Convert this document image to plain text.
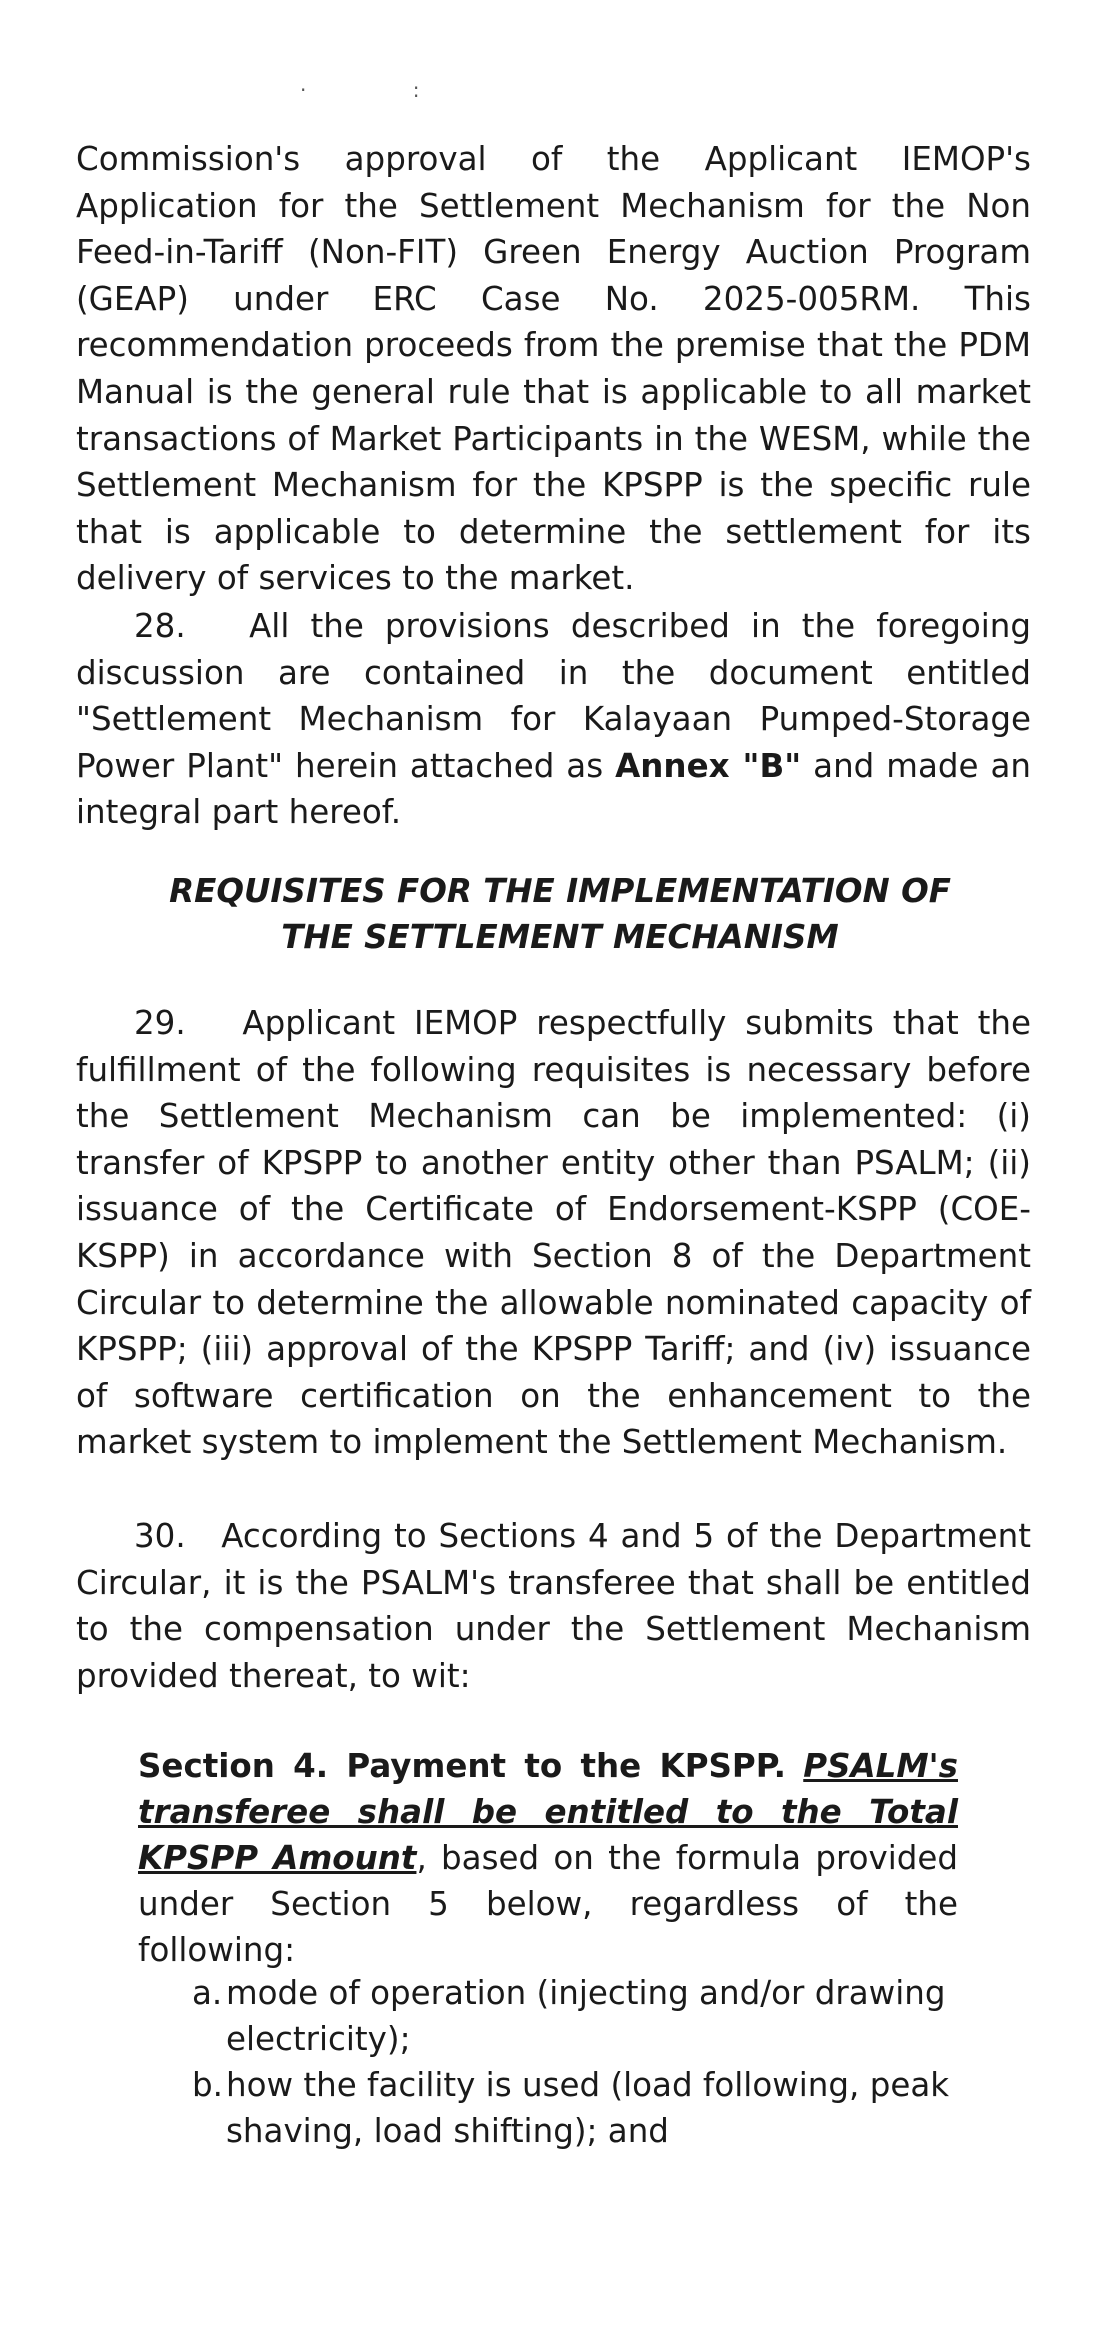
· :

Commission's approval of the Applicant IEMOP's Application for the Settlement Mechanism for the Non Feed-in-Tariff (Non-FIT) Green Energy Auction Program (GEAP) under ERC Case No. 2025-005RM. This recommendation proceeds from the premise that the PDM Manual is the general rule that is applicable to all market transactions of Market Participants in the WESM, while the Settlement Mechanism for the KPSPP is the specific rule that is applicable to determine the settlement for its delivery of services to the market.

28. All the provisions described in the foregoing discussion are contained in the document entitled "Settlement Mechanism for Kalayaan Pumped-Storage Power Plant" herein attached as Annex "B" and made an integral part hereof.

REQUISITES FOR THE IMPLEMENTATION OF
THE SETTLEMENT MECHANISM

29. Applicant IEMOP respectfully submits that the fulfillment of the following requisites is necessary before the Settlement Mechanism can be implemented: (i) transfer of KPSPP to another entity other than PSALM; (ii) issuance of the Certificate of Endorsement-KSPP (COE-KSPP) in accordance with Section 8 of the Department Circular to determine the allowable nominated capacity of KPSPP; (iii) approval of the KPSPP Tariff; and (iv) issuance of software certification on the enhancement to the market system to implement the Settlement Mechanism.

30. According to Sections 4 and 5 of the Department Circular, it is the PSALM's transferee that shall be entitled to the compensation under the Settlement Mechanism provided thereat, to wit:

Section 4. Payment to the KPSPP. PSALM's transferee shall be entitled to the Total KPSPP Amount, based on the formula provided under Section 5 below, regardless of the following:

a. mode of operation (injecting and/or drawing electricity);
b. how the facility is used (load following, peak shaving, load shifting); and
